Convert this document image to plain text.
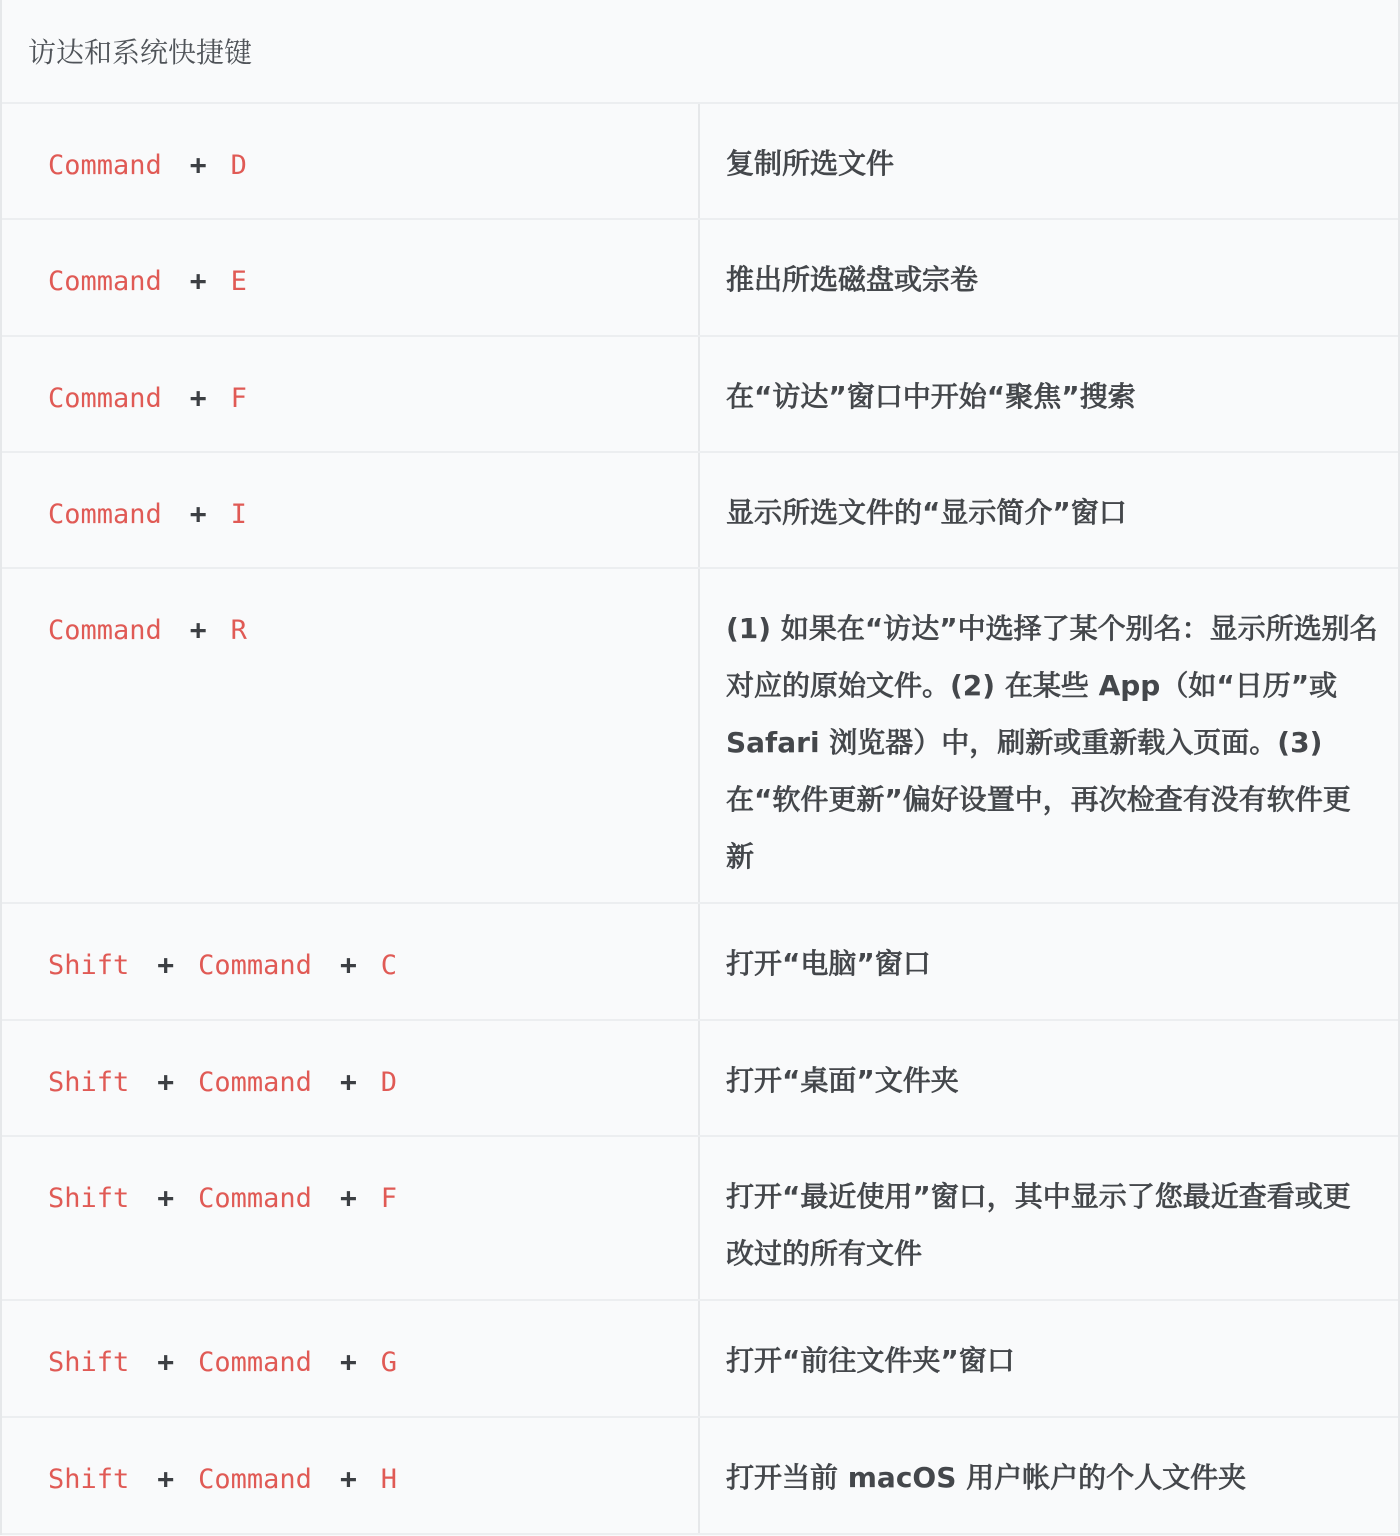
访达和系统快捷键
Command + D	复制所选文件
Command + E	推出所选磁盘或宗卷
Command + F	在“访达”窗口中开始“聚焦”搜索
Command + I	显示所选文件的“显示简介”窗口
Command + R	(1) 如果在“访达”中选择了某个别名：显示所选别名对应的原始文件。(2) 在某些 App（如“日历”或 Safari 浏览器）中，刷新或重新载入页面。(3) 在“软件更新”偏好设置中，再次检查有没有软件更新
Shift + Command + C	打开“电脑”窗口
Shift + Command + D	打开“桌面”文件夹
Shift + Command + F	打开“最近使用”窗口，其中显示了您最近查看或更改过的所有文件
Shift + Command + G	打开“前往文件夹”窗口
Shift + Command + H	打开当前 macOS 用户帐户的个人文件夹
